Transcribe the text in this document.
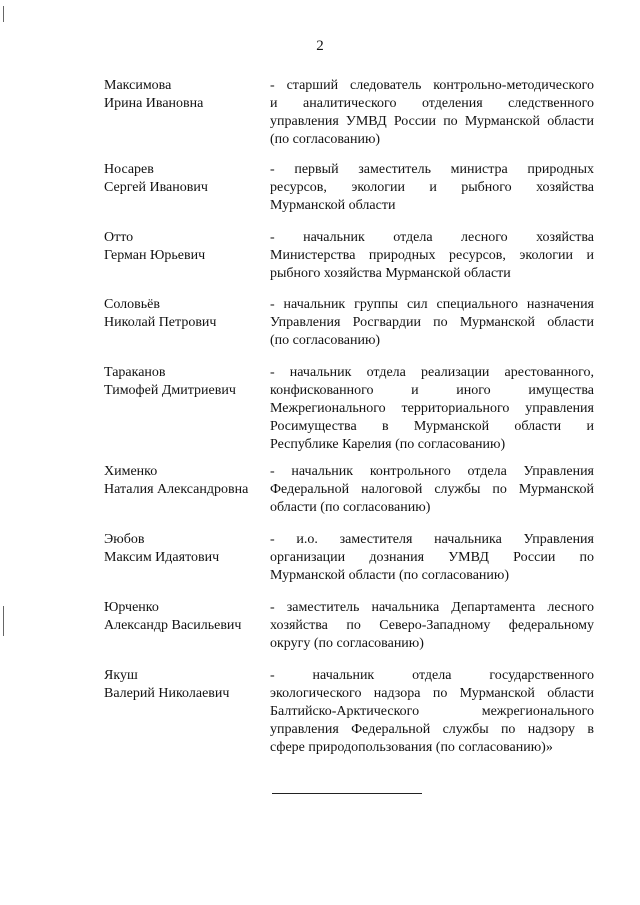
2
Максимова
Ирина Ивановна
- старший следователь контрольно-методического
и аналитического отделения следственного
управления УМВД России по Мурманской области
(по согласованию)
Носарев
Сергей Иванович
- первый заместитель министра природных
ресурсов, экологии и рыбного хозяйства
Мурманской области
Отто
Герман Юрьевич
- начальник отдела лесного хозяйства
Министерства природных ресурсов, экологии и
рыбного хозяйства Мурманской области
Соловьёв
Николай Петрович
- начальник группы сил специального назначения
Управления Росгвардии по Мурманской области
(по согласованию)
Тараканов
Тимофей Дмитриевич
- начальник отдела реализации арестованного,
конфискованного и иного имущества
Межрегионального территориального управления
Росимущества в Мурманской области и
Республике Карелия (по согласованию)
Хименко
Наталия Александровна
- начальник контрольного отдела Управления
Федеральной налоговой службы по Мурманской
области (по согласованию)
Эюбов
Максим Идаятович
- и.о. заместителя начальника Управления
организации дознания УМВД России по
Мурманской области (по согласованию)
Юрченко
Александр Васильевич
- заместитель начальника Департамента лесного
хозяйства по Северо-Западному федеральному
округу (по согласованию)
Якуш
Валерий Николаевич
- начальник отдела государственного
экологического надзора по Мурманской области
Балтийско-Арктического межрегионального
управления Федеральной службы по надзору в
сфере природопользования (по согласованию)»
